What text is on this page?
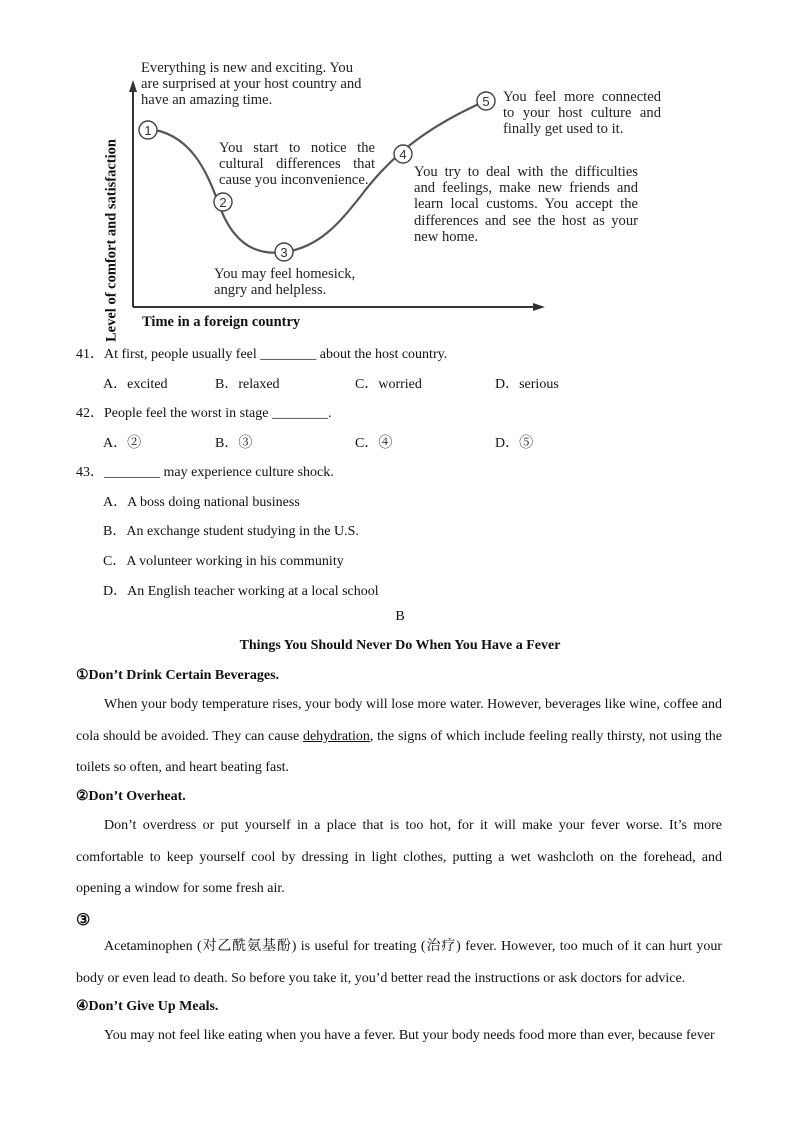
1
2
3
4
5
Level of comfort and satisfaction Time in a foreign country
Everything is new and exciting. You are surprised at your host country and have an amazing time.
You start to notice the cultural differences that cause you inconvenience.
You may feel homesick, angry and helpless.
You try to deal with the difficulties and feelings, make new friends and learn local customs. You accept the differences and see the host as your new home.
You feel more connected to your host culture and finally get used to it.
41．At first, people usually feel ________ about the host country.
A．excited	B．relaxed	C．worried	D．serious
42．People feel the worst in stage ________.
A．②	B．③	C．④	D．⑤
43．________ may experience culture shock.
A．A boss doing national business
B．An exchange student studying in the U.S.
C．A volunteer working in his community
D．An English teacher working at a local school
B
Things You Should Never Do When You Have a Fever
①Don’t Drink Certain Beverages.

When your body temperature rises, your body will lose more water. However, beverages like wine, coffee and cola should be avoided. They can cause dehydration, the signs of which include feeling really thirsty, not using the toilets so often, and heart beating fast.

②Don’t Overheat.

Don’t overdress or put yourself in a place that is too hot, for it will make your fever worse. It’s more comfortable to keep yourself cool by dressing in light clothes, putting a wet washcloth on the forehead, and opening a window for some fresh air.

③

Acetaminophen (对乙酰氨基酚) is useful for treating (治疗) fever. However, too much of it can hurt your body or even lead to death. So before you take it, you’d better read the instructions or ask doctors for advice.

④Don’t Give Up Meals.

You may not feel like eating when you have a fever. But your body needs food more than ever, because fever
